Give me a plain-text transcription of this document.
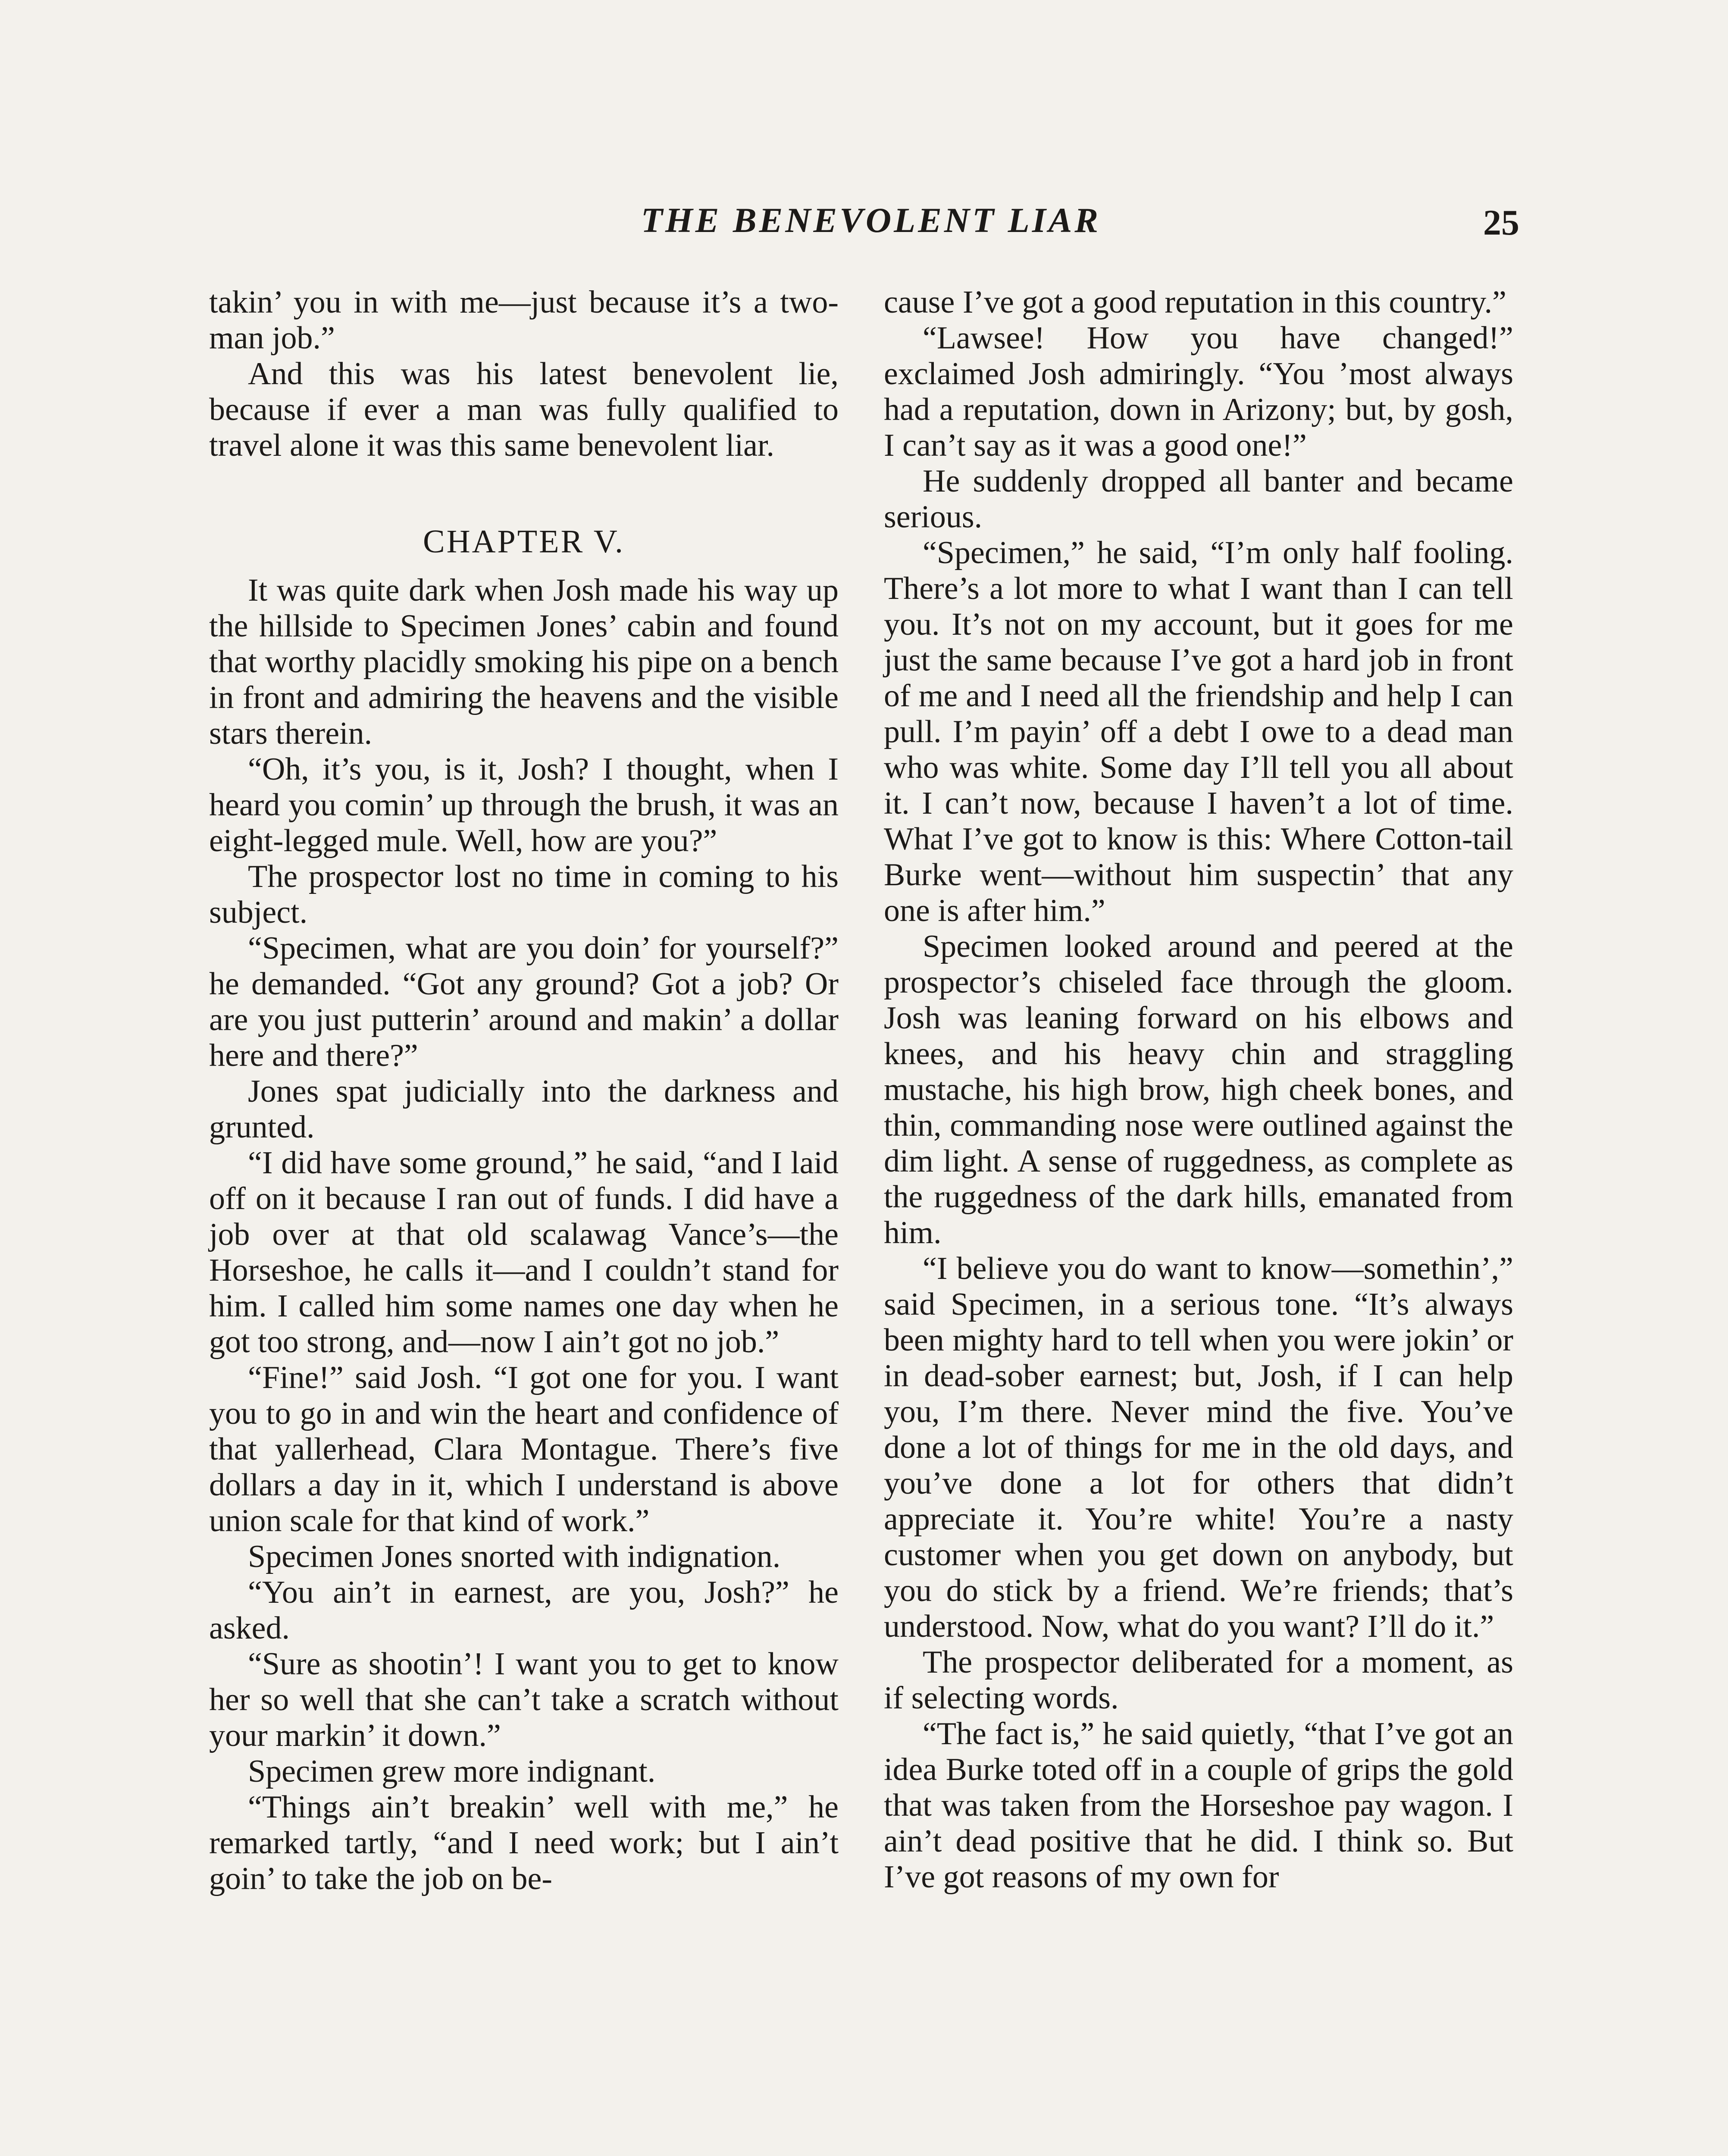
THE BENEVOLENT LIAR	25

takin’ you in with me—just because it’s a two-man job.”

And this was his latest benevolent lie, because if ever a man was fully qualified to travel alone it was this same benevolent liar.

CHAPTER V.

It was quite dark when Josh made his way up the hillside to Specimen Jones’ cabin and found that worthy placidly smoking his pipe on a bench in front and admiring the heavens and the visible stars therein.

“Oh, it’s you, is it, Josh? I thought, when I heard you comin’ up through the brush, it was an eight-legged mule. Well, how are you?”

The prospector lost no time in coming to his subject.

“Specimen, what are you doin’ for yourself?” he demanded. “Got any ground? Got a job? Or are you just putterin’ around and makin’ a dollar here and there?”

Jones spat judicially into the darkness and grunted.

“I did have some ground,” he said, “and I laid off on it because I ran out of funds. I did have a job over at that old scalawag Vance’s—the Horseshoe, he calls it—and I couldn’t stand for him. I called him some names one day when he got too strong, and—now I ain’t got no job.”

“Fine!” said Josh. “I got one for you. I want you to go in and win the heart and confidence of that yallerhead, Clara Montague. There’s five dollars a day in it, which I understand is above union scale for that kind of work.”

Specimen Jones snorted with indignation.

“You ain’t in earnest, are you, Josh?” he asked.

“Sure as shootin’! I want you to get to know her so well that she can’t take a scratch without your markin’ it down.”

Specimen grew more indignant.

“Things ain’t breakin’ well with me,” he remarked tartly, “and I need work; but I ain’t goin’ to take the job on be-

cause I’ve got a good reputation in this country.”

“Lawsee! How you have changed!” exclaimed Josh admiringly. “You ’most always had a reputation, down in Arizony; but, by gosh, I can’t say as it was a good one!”

He suddenly dropped all banter and became serious.

“Specimen,” he said, “I’m only half fooling. There’s a lot more to what I want than I can tell you. It’s not on my account, but it goes for me just the same because I’ve got a hard job in front of me and I need all the friendship and help I can pull. I’m payin’ off a debt I owe to a dead man who was white. Some day I’ll tell you all about it. I can’t now, because I haven’t a lot of time. What I’ve got to know is this: Where Cotton-tail Burke went—without him suspectin’ that any one is after him.”

Specimen looked around and peered at the prospector’s chiseled face through the gloom. Josh was leaning forward on his elbows and knees, and his heavy chin and straggling mustache, his high brow, high cheek bones, and thin, commanding nose were outlined against the dim light. A sense of ruggedness, as complete as the ruggedness of the dark hills, emanated from him.

“I believe you do want to know—somethin’,” said Specimen, in a serious tone. “It’s always been mighty hard to tell when you were jokin’ or in dead-sober earnest; but, Josh, if I can help you, I’m there. Never mind the five. You’ve done a lot of things for me in the old days, and you’ve done a lot for others that didn’t appreciate it. You’re white! You’re a nasty customer when you get down on anybody, but you do stick by a friend. We’re friends; that’s understood. Now, what do you want? I’ll do it.”

The prospector deliberated for a moment, as if selecting words.

“The fact is,” he said quietly, “that I’ve got an idea Burke toted off in a couple of grips the gold that was taken from the Horseshoe pay wagon. I ain’t dead positive that he did. I think so. But I’ve got reasons of my own for
